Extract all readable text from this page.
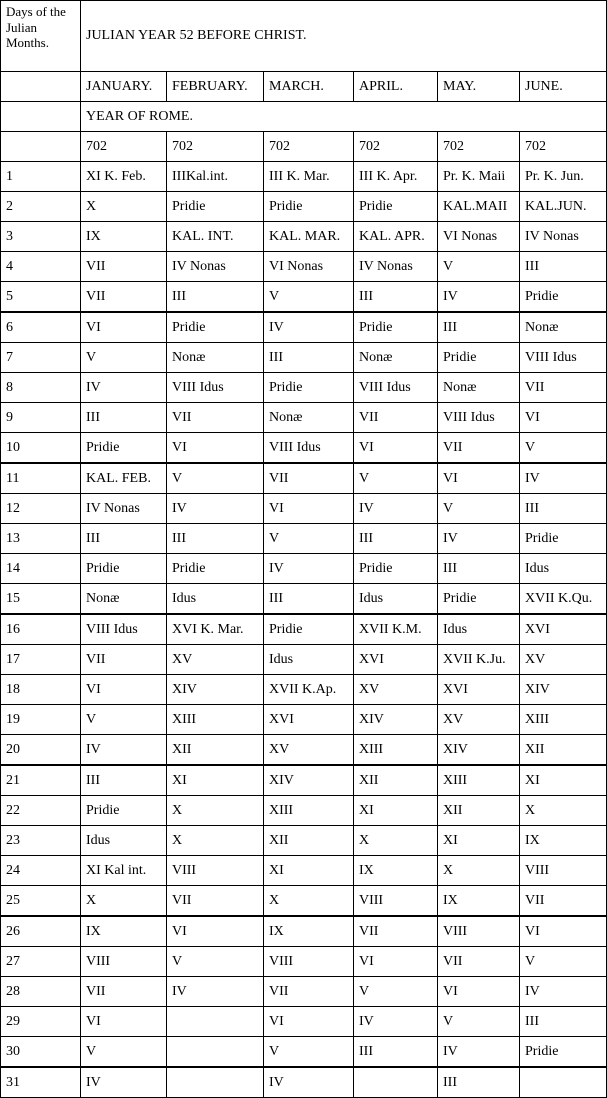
Days of the Julian Months.	JULIAN YEAR 52 BEFORE CHRIST.					
	JANUARY.	FEBRUARY.	MARCH.	APRIL.	MAY.	JUNE.
	YEAR OF ROME.					
	702	702	702	702	702	702
1	XI K. Feb.	IIIKal.int.	III K. Mar.	III K. Apr.	Pr. K. Maii	Pr. K. Jun.
2	X	Pridie	Pridie	Pridie	KAL.MAII	KAL.JUN.
3	IX	KAL. INT.	KAL. MAR.	KAL. APR.	VI Nonas	IV Nonas
4	VII	IV Nonas	VI Nonas	IV Nonas	V	III
5	VII	III	V	III	IV	Pridie
6	VI	Pridie	IV	Pridie	III	Nonæ
7	V	Nonæ	III	Nonæ	Pridie	VIII Idus
8	IV	VIII Idus	Pridie	VIII Idus	Nonæ	VII
9	III	VII	Nonæ	VII	VIII Idus	VI
10	Pridie	VI	VIII Idus	VI	VII	V
11	KAL. FEB.	V	VII	V	VI	IV
12	IV Nonas	IV	VI	IV	V	III
13	III	III	V	III	IV	Pridie
14	Pridie	Pridie	IV	Pridie	III	Idus
15	Nonæ	Idus	III	Idus	Pridie	XVII K.Qu.
16	VIII Idus	XVI K. Mar.	Pridie	XVII K.M.	Idus	XVI
17	VII	XV	Idus	XVI	XVII K.Ju.	XV
18	VI	XIV	XVII K.Ap.	XV	XVI	XIV
19	V	XIII	XVI	XIV	XV	XIII
20	IV	XII	XV	XIII	XIV	XII
21	III	XI	XIV	XII	XIII	XI
22	Pridie	X	XIII	XI	XII	X
23	Idus	X	XII	X	XI	IX
24	XI Kal int.	VIII	XI	IX	X	VIII
25	X	VII	X	VIII	IX	VII
26	IX	VI	IX	VII	VIII	VI
27	VIII	V	VIII	VI	VII	V
28	VII	IV	VII	V	VI	IV
29	VI		VI	IV	V	III
30	V		V	III	IV	Pridie
31	IV		IV		III	
